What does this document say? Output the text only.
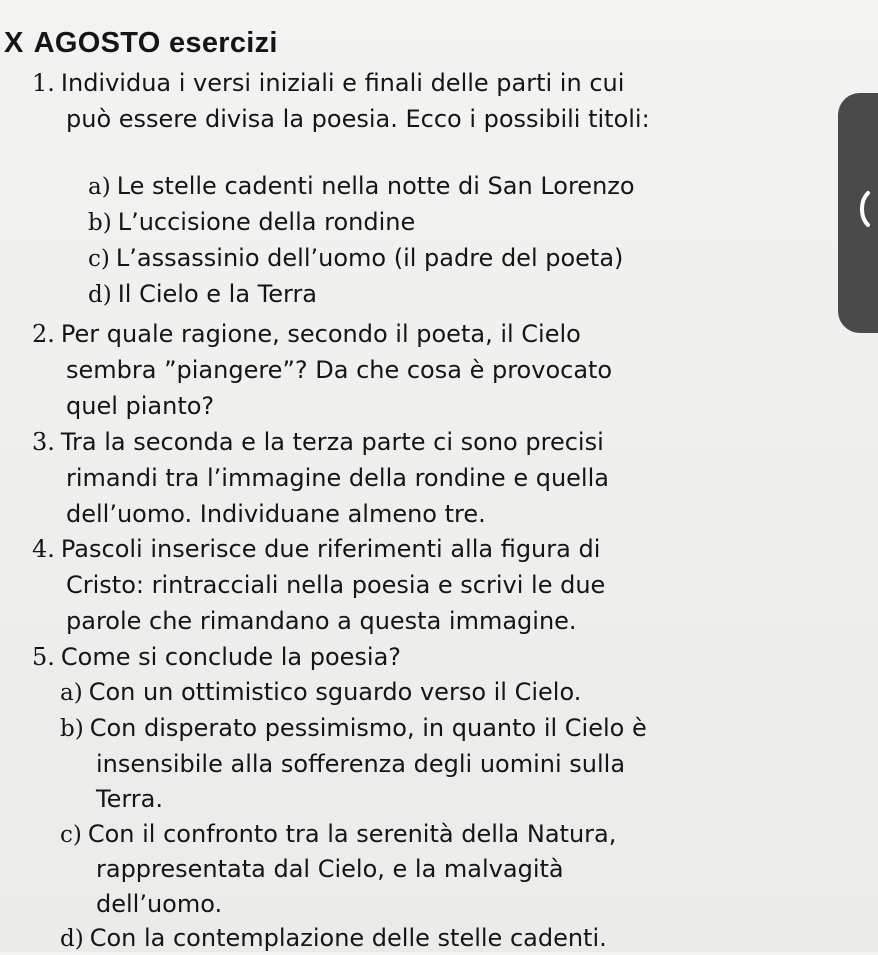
X AGOSTO esercizi
1. Individua i versi iniziali e finali delle parti in cui
può essere divisa la poesia. Ecco i possibili titoli:
a) Le stelle cadenti nella notte di San Lorenzo
b) L’uccisione della rondine
c) L’assassinio dell’uomo (il padre del poeta)
d) Il Cielo e la Terra
2. Per quale ragione, secondo il poeta, il Cielo
sembra ”piangere”? Da che cosa è provocato
quel pianto?
3. Tra la seconda e la terza parte ci sono precisi
rimandi tra l’immagine della rondine e quella
dell’uomo. Individuane almeno tre.
4. Pascoli inserisce due riferimenti alla figura di
Cristo: rintracciali nella poesia e scrivi le due
parole che rimandano a questa immagine.
5. Come si conclude la poesia?
a) Con un ottimistico sguardo verso il Cielo.
b) Con disperato pessimismo, in quanto il Cielo è
insensibile alla sofferenza degli uomini sulla
Terra.
c) Con il confronto tra la serenità della Natura,
rappresentata dal Cielo, e la malvagità
dell’uomo.
d) Con la contemplazione delle stelle cadenti.
